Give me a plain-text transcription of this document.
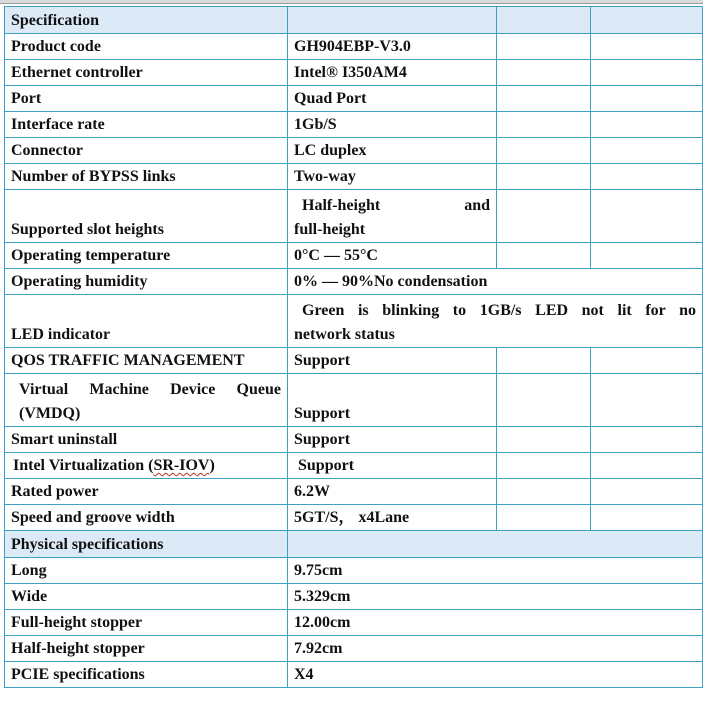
Specification			
Product code	GH904EBP-V3.0		
Ethernet controller	Intel® I350AM4		
Port	Quad Port		
Interface rate	1Gb/S		
Connector	LC duplex		
Number of BYPSS links	Two-way		
Supported slot heights	Half-height and
full-height		
Operating temperature	0°C — 55°C		
Operating humidity	0% — 90%No condensation		
LED indicator	Green is blinking to 1GB/s LED not lit for no
network status		
QOS TRAFFIC MANAGEMENT	Support		

Virtual Machine Device Queue
(VMDQ)	Support		
Smart uninstall	Support		
Intel Virtualization (SR-IOV)	Support		
Rated power	6.2W		
Speed and groove width	5GT/S， x4Lane		
Physical specifications			
Long	9.75cm		
Wide	5.329cm		
Full-height stopper	12.00cm		
Half-height stopper	7.92cm		
PCIE specifications	X4		
